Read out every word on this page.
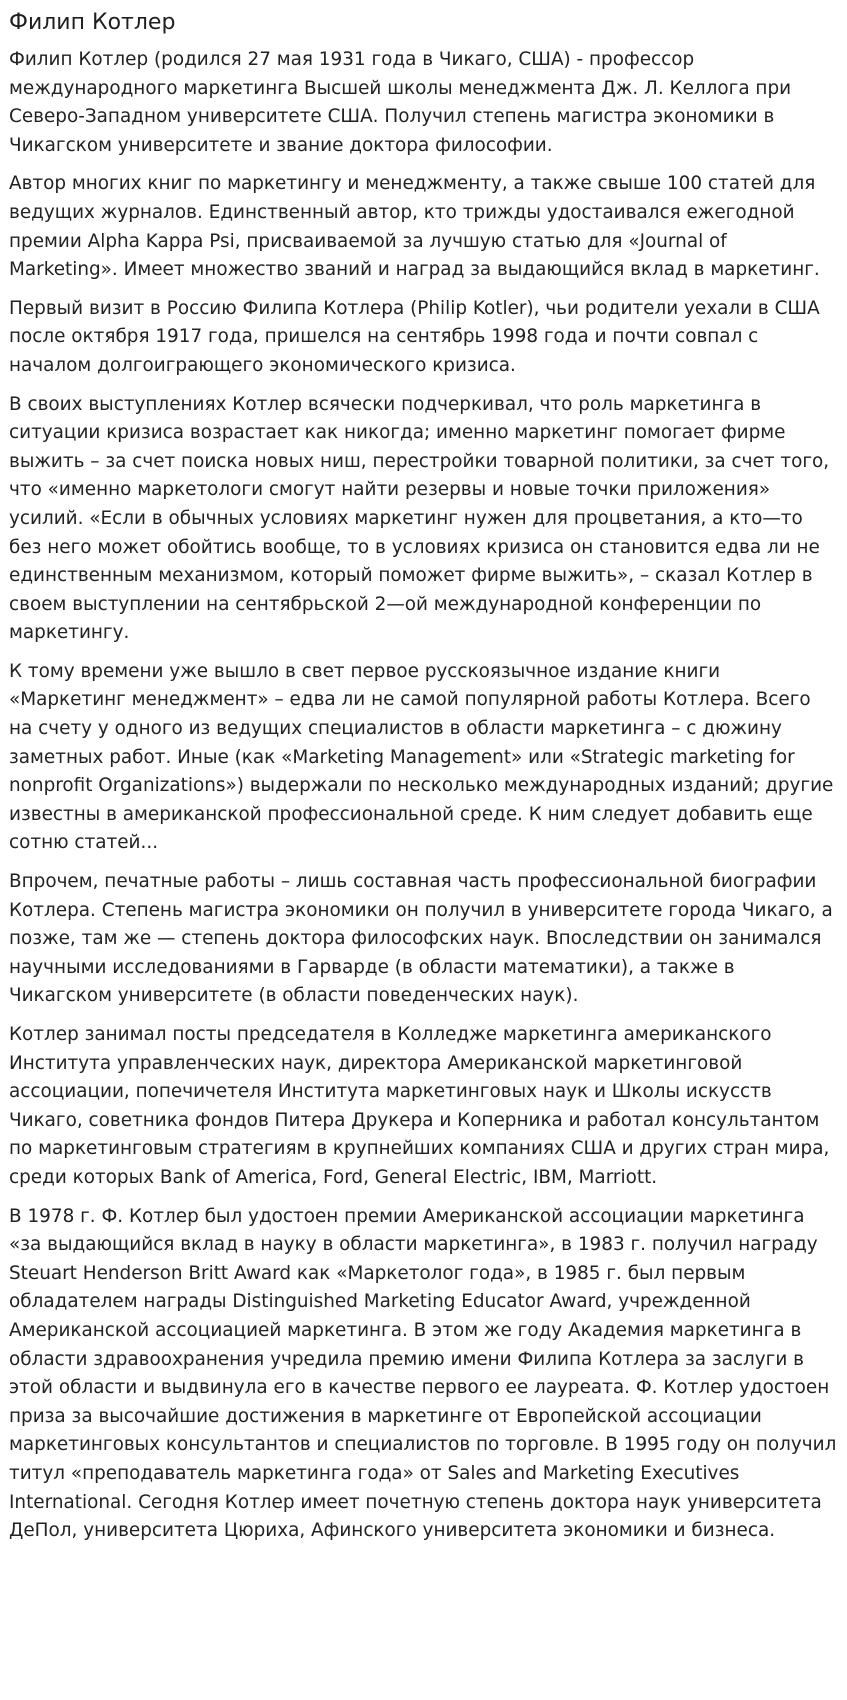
Филип Котлер

Филип Котлер (родился 27 мая 1931 года в Чикаго, США) - профессор международного маркетинга Высшей школы менеджмента Дж. Л. Келлога при Северо-Западном университете США. Получил степень магистра экономики в Чикагском университете и звание доктора философии.

Автор многих книг по маркетингу и менеджменту, а также свыше 100 статей для ведущих журналов. Единственный автор, кто трижды удостаивался ежегодной премии Alpha Kappa Psi, присваиваемой за лучшую статью для «Journal of Marketing». Имеет множество званий и наград за выдающийся вклад в маркетинг.

Первый визит в Россию Филипа Котлера (Philip Kotler), чьи родители уехали в США после октября 1917 года, пришелся на сентябрь 1998 года и почти совпал с началом долгоиграющего экономического кризиса.

В своих выступлениях Котлер всячески подчеркивал, что роль маркетинга в ситуации кризиса возрастает как никогда; именно маркетинг помогает фирме выжить – за счет поиска новых ниш, перестройки товарной политики, за счет того, что «именно маркетологи смогут найти резервы и новые точки приложения» усилий. «Если в обычных условиях маркетинг нужен для процветания, а кто—то без него может обойтись вообще, то в условиях кризиса он становится едва ли не единственным механизмом, который поможет фирме выжить», – сказал Котлер в своем выступлении на сентябрьской 2—ой международной конференции по маркетингу.

К тому времени уже вышло в свет первое русскоязычное издание книги «Маркетинг менеджмент» – едва ли не самой популярной работы Котлера. Всего на счету у одного из ведущих специалистов в области маркетинга – с дюжину заметных работ. Иные (как «Marketing Management» или «Strategic marketing for nonprofit Organizations») выдержали по несколько международных изданий; другие известны в американской профессиональной среде. К ним следует добавить еще сотню статей...

Впрочем, печатные работы – лишь составная часть профессиональной биографии Котлера. Степень магистра экономики он получил в университете города Чикаго, а позже, там же — степень доктора философских наук. Впоследствии он занимался научными исследованиями в Гарварде (в области математики), а также в Чикагском университете (в области поведенческих наук).

Котлер занимал посты председателя в Колледже маркетинга американского Института управленческих наук, директора Американской маркетинговой ассоциации, попечичетеля Института маркетинговых наук и Школы искусств Чикаго, советника фондов Питера Друкера и Коперника и работал консультантом по маркетинговым стратегиям в крупнейших компаниях США и других стран мира, среди которых Bank of America, Ford, General Electric, IBM, Marriott.

В 1978 г. Ф. Котлер был удостоен премии Американской ассоциации маркетинга «за выдающийся вклад в науку в области маркетинга», в 1983 г. получил награду Steuart Henderson Britt Award как «Маркетолог года», в 1985 г. был первым обладателем награды Distinguished Marketing Educator Award, учрежденной Американской ассоциацией маркетинга. В этом же году Академия маркетинга в области здравоохранения учредила премию имени Филипа Котлера за заслуги в этой области и выдвинула его в качестве первого ее лауреата. Ф. Котлер удостоен приза за высочайшие достижения в маркетинге от Европейской ассоциации маркетинговых консультантов и специалистов по торговле. В 1995 году он получил титул «преподаватель маркетинга года» от Sales and Marketing Executives International. Сегодня Котлер имеет почетную степень доктора наук университета ДеПол, университета Цюриха, Афинского университета экономики и бизнеса.
